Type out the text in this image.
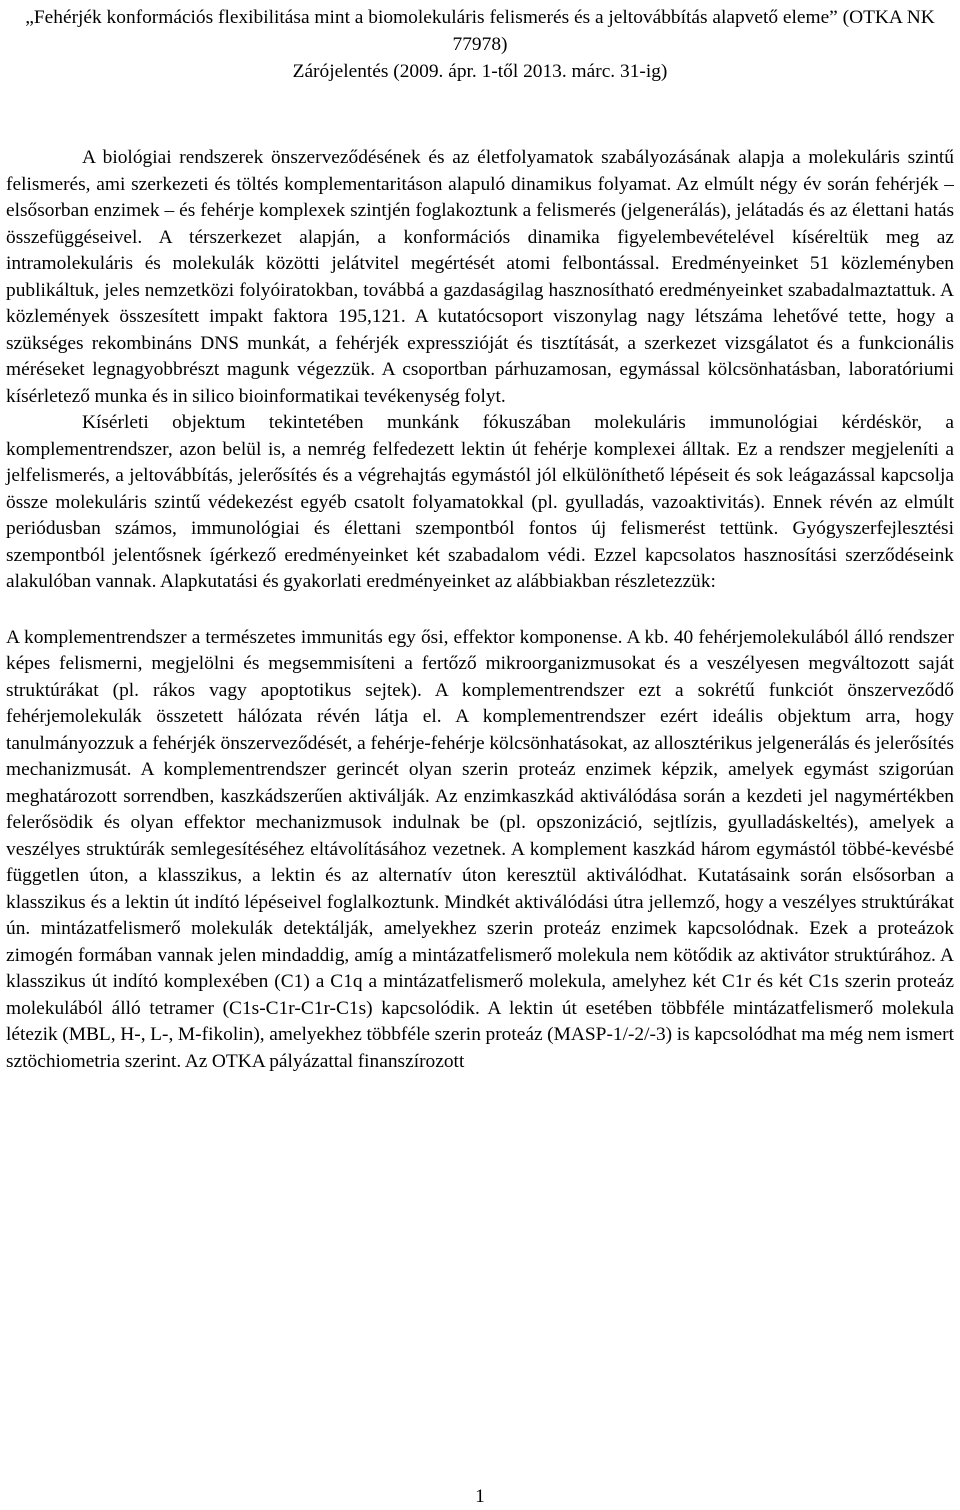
„Fehérjék konformációs flexibilitása mint a biomolekuláris felismerés és a jeltovábbítás alapvető eleme” (OTKA NK 77978)

Zárójelentés (2009. ápr. 1-től 2013. márc. 31-ig)

A biológiai rendszerek önszerveződésének és az életfolyamatok szabályozásának alapja a molekuláris szintű felismerés, ami szerkezeti és töltés komplementaritáson alapuló dinamikus folyamat. Az elmúlt négy év során fehérjék – elsősorban enzimek – és fehérje komplexek szintjén foglakoztunk a felismerés (jelgenerálás), jelátadás és az élettani hatás összefüggéseivel. A térszerkezet alapján, a konformációs dinamika figyelembevételével kíséreltük meg az intramolekuláris és molekulák közötti jelátvitel megértését atomi felbontással. Eredményeinket 51 közleményben publikáltuk, jeles nemzetközi folyóiratokban, továbbá a gazdaságilag hasznosítható eredményeinket szabadalmaztattuk. A közlemények összesített impakt faktora 195,121. A kutatócsoport viszonylag nagy létszáma lehetővé tette, hogy a szükséges rekombináns DNS munkát, a fehérjék expresszióját és tisztítását, a szerkezet vizsgálatot és a funkcionális méréseket legnagyobbrészt magunk végezzük. A csoportban párhuzamosan, egymással kölcsönhatásban, laboratóriumi kísérletező munka és in silico bioinformatikai tevékenység folyt.

Kísérleti objektum tekintetében munkánk fókuszában molekuláris immunológiai kérdéskör, a komplementrendszer, azon belül is, a nemrég felfedezett lektin út fehérje komplexei álltak. Ez a rendszer megjeleníti a jelfelismerés, a jeltovábbítás, jelerősítés és a végrehajtás egymástól jól elkülöníthető lépéseit és sok leágazással kapcsolja össze molekuláris szintű védekezést egyéb csatolt folyamatokkal (pl. gyulladás, vazoaktivitás). Ennek révén az elmúlt periódusban számos, immunológiai és élettani szempontból fontos új felismerést tettünk. Gyógyszerfejlesztési szempontból jelentősnek ígérkező eredményeinket két szabadalom védi. Ezzel kapcsolatos hasznosítási szerződéseink alakulóban vannak. Alapkutatási és gyakorlati eredményeinket az alábbiakban részletezzük:

A komplementrendszer a természetes immunitás egy ősi, effektor komponense. A kb. 40 fehérjemolekulából álló rendszer képes felismerni, megjelölni és megsemmisíteni a fertőző mikroorganizmusokat és a veszélyesen megváltozott saját struktúrákat (pl. rákos vagy apoptotikus sejtek). A komplementrendszer ezt a sokrétű funkciót önszerveződő fehérjemolekulák összetett hálózata révén látja el. A komplementrendszer ezért ideális objektum arra, hogy tanulmányozzuk a fehérjék önszerveződését, a fehérje-fehérje kölcsönhatásokat, az allosztérikus jelgenerálás és jelerősítés mechanizmusát. A komplementrendszer gerincét olyan szerin proteáz enzimek képzik, amelyek egymást szigorúan meghatározott sorrendben, kaszkádszerűen aktiválják. Az enzimkaszkád aktiválódása során a kezdeti jel nagymértékben felerősödik és olyan effektor mechanizmusok indulnak be (pl. opszonizáció, sejtlízis, gyulladáskeltés), amelyek a veszélyes struktúrák semlegesítéséhez eltávolításához vezetnek. A komplement kaszkád három egymástól többé-kevésbé független úton, a klasszikus, a lektin és az alternatív úton keresztül aktiválódhat. Kutatásaink során elsősorban a klasszikus és a lektin út indító lépéseivel foglalkoztunk. Mindkét aktiválódási útra jellemző, hogy a veszélyes struktúrákat ún. mintázatfelismerő molekulák detektálják, amelyekhez szerin proteáz enzimek kapcsolódnak. Ezek a proteázok zimogén formában vannak jelen mindaddig, amíg a mintázatfelismerő molekula nem kötődik az aktivátor struktúrához. A klasszikus út indító komplexében (C1) a C1q a mintázatfelismerő molekula, amelyhez két C1r és két C1s szerin proteáz molekulából álló tetramer (C1s-C1r-C1r-C1s) kapcsolódik. A lektin út esetében többféle mintázatfelismerő molekula létezik (MBL, H-, L-, M-fikolin), amelyekhez többféle szerin proteáz (MASP-1/-2/-3) is kapcsolódhat ma még nem ismert sztöchiometria szerint. Az OTKA pályázattal finanszírozott

1
